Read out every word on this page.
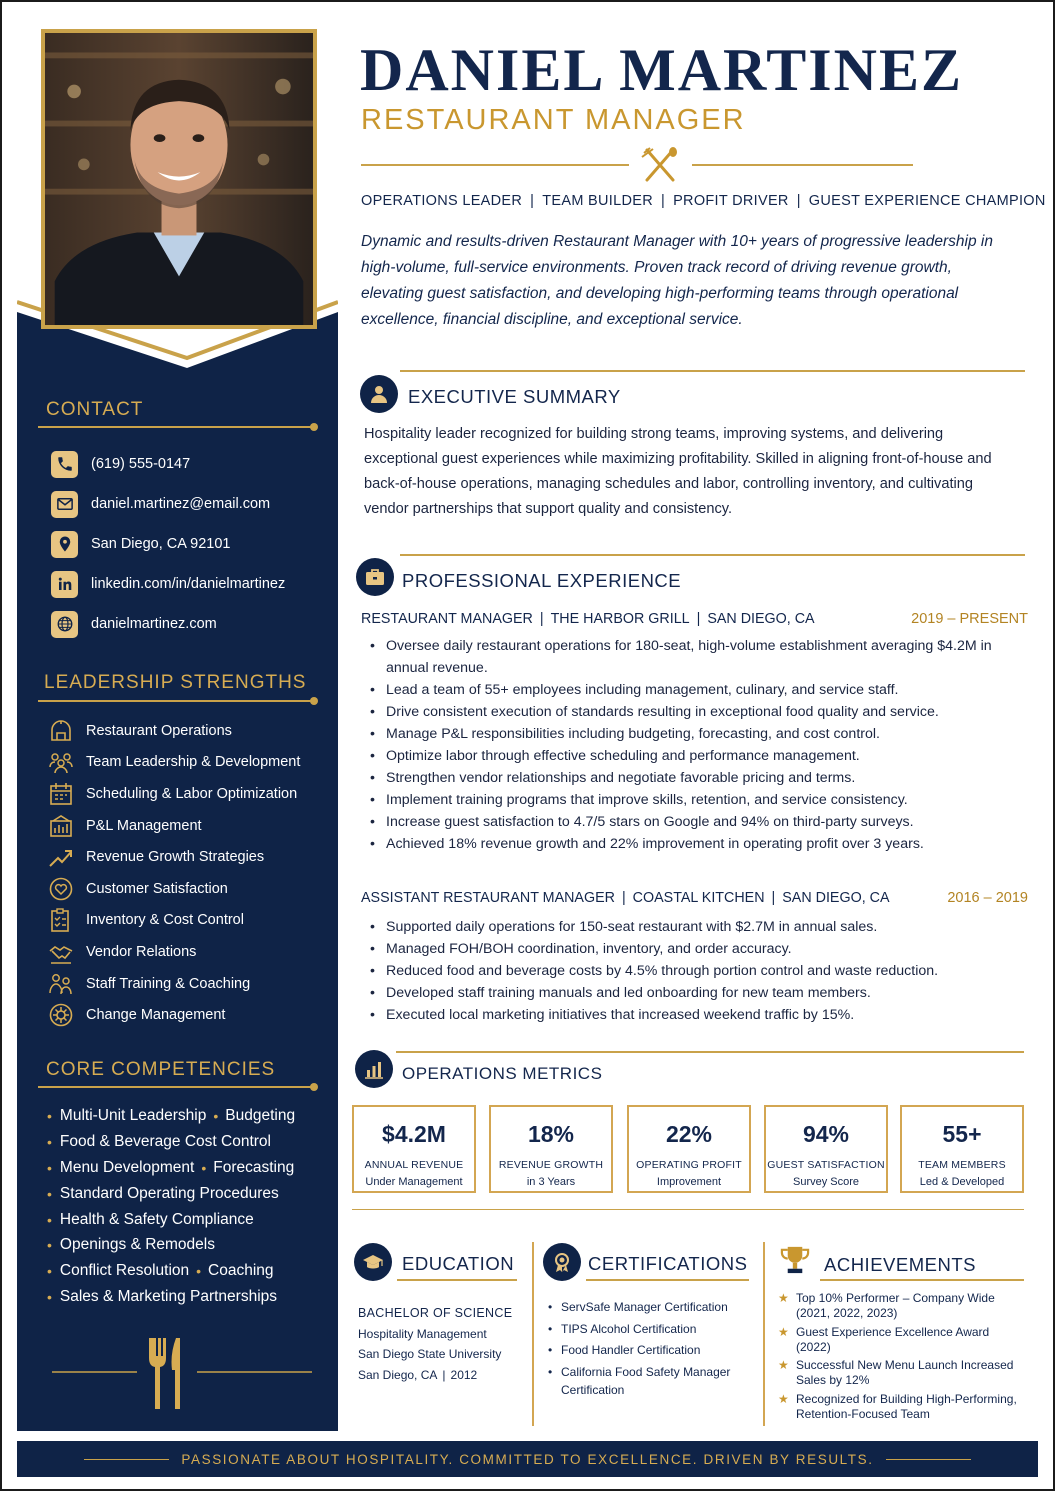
CONTACT
(619) 555-0147
daniel.martinez@email.com
San Diego, CA 92101
linkedin.com/in/danielmartinez
danielmartinez.com
LEADERSHIP STRENGTHS
Restaurant Operations
Team Leadership & Development
Scheduling & Labor Optimization
P&L Management
Revenue Growth Strategies
Customer Satisfaction
Inventory & Cost Control
Vendor Relations
Staff Training & Coaching
Change Management
CORE COMPETENCIES
• Multi-Unit Leadership • Budgeting
• Food & Beverage Cost Control
• Menu Development • Forecasting
• Standard Operating Procedures
• Health & Safety Compliance
• Openings & Remodels
• Conflict Resolution • Coaching
• Sales & Marketing Partnerships
DANIEL MARTINEZ
RESTAURANT MANAGER
OPERATIONS LEADER | TEAM BUILDER | PROFIT DRIVER | GUEST EXPERIENCE CHAMPION
Dynamic and results-driven Restaurant Manager with 10+ years of progressive leadership in high-volume, full-service environments. Proven track record of driving revenue growth, elevating guest satisfaction, and developing high-performing teams through operational excellence, financial discipline, and exceptional service.
EXECUTIVE SUMMARY
Hospitality leader recognized for building strong teams, improving systems, and delivering exceptional guest experiences while maximizing profitability. Skilled in aligning front-of-house and back-of-house operations, managing schedules and labor, controlling inventory, and cultivating vendor partnerships that support quality and consistency.
PROFESSIONAL EXPERIENCE
RESTAURANT MANAGER | THE HARBOR GRILL | SAN DIEGO, CA	2019 – PRESENT
• Oversee daily restaurant operations for 180-seat, high-volume establishment averaging $4.2M in annual revenue.
• Lead a team of 55+ employees including management, culinary, and service staff.
• Drive consistent execution of standards resulting in exceptional food quality and service.
• Manage P&L responsibilities including budgeting, forecasting, and cost control.
• Optimize labor through effective scheduling and performance management.
• Strengthen vendor relationships and negotiate favorable pricing and terms.
• Implement training programs that improve skills, retention, and service consistency.
• Increase guest satisfaction to 4.7/5 stars on Google and 94% on third-party surveys.
• Achieved 18% revenue growth and 22% improvement in operating profit over 3 years.
ASSISTANT RESTAURANT MANAGER | COASTAL KITCHEN | SAN DIEGO, CA	2016 – 2019
• Supported daily operations for 150-seat restaurant with $2.7M in annual sales.
• Managed FOH/BOH coordination, inventory, and order accuracy.
• Reduced food and beverage costs by 4.5% through portion control and waste reduction.
• Developed staff training manuals and led onboarding for new team members.
• Executed local marketing initiatives that increased weekend traffic by 15%.
OPERATIONS METRICS
$4.2M
ANNUAL REVENUE
Under Management
18%
REVENUE GROWTH
in 3 Years
22%
OPERATING PROFIT
Improvement
94%
GUEST SATISFACTION
Survey Score
55+
TEAM MEMBERS
Led & Developed
EDUCATION
BACHELOR OF SCIENCE
Hospitality Management
San Diego State University
San Diego, CA | 2012
CERTIFICATIONS
• ServSafe Manager Certification
• TIPS Alcohol Certification
• Food Handler Certification
• California Food Safety Manager Certification
ACHIEVEMENTS
★ Top 10% Performer – Company Wide (2021, 2022, 2023)
★ Guest Experience Excellence Award (2022)
★ Successful New Menu Launch Increased Sales by 12%
★ Recognized for Building High-Performing, Retention-Focused Team
PASSIONATE ABOUT HOSPITALITY. COMMITTED TO EXCELLENCE. DRIVEN BY RESULTS.
